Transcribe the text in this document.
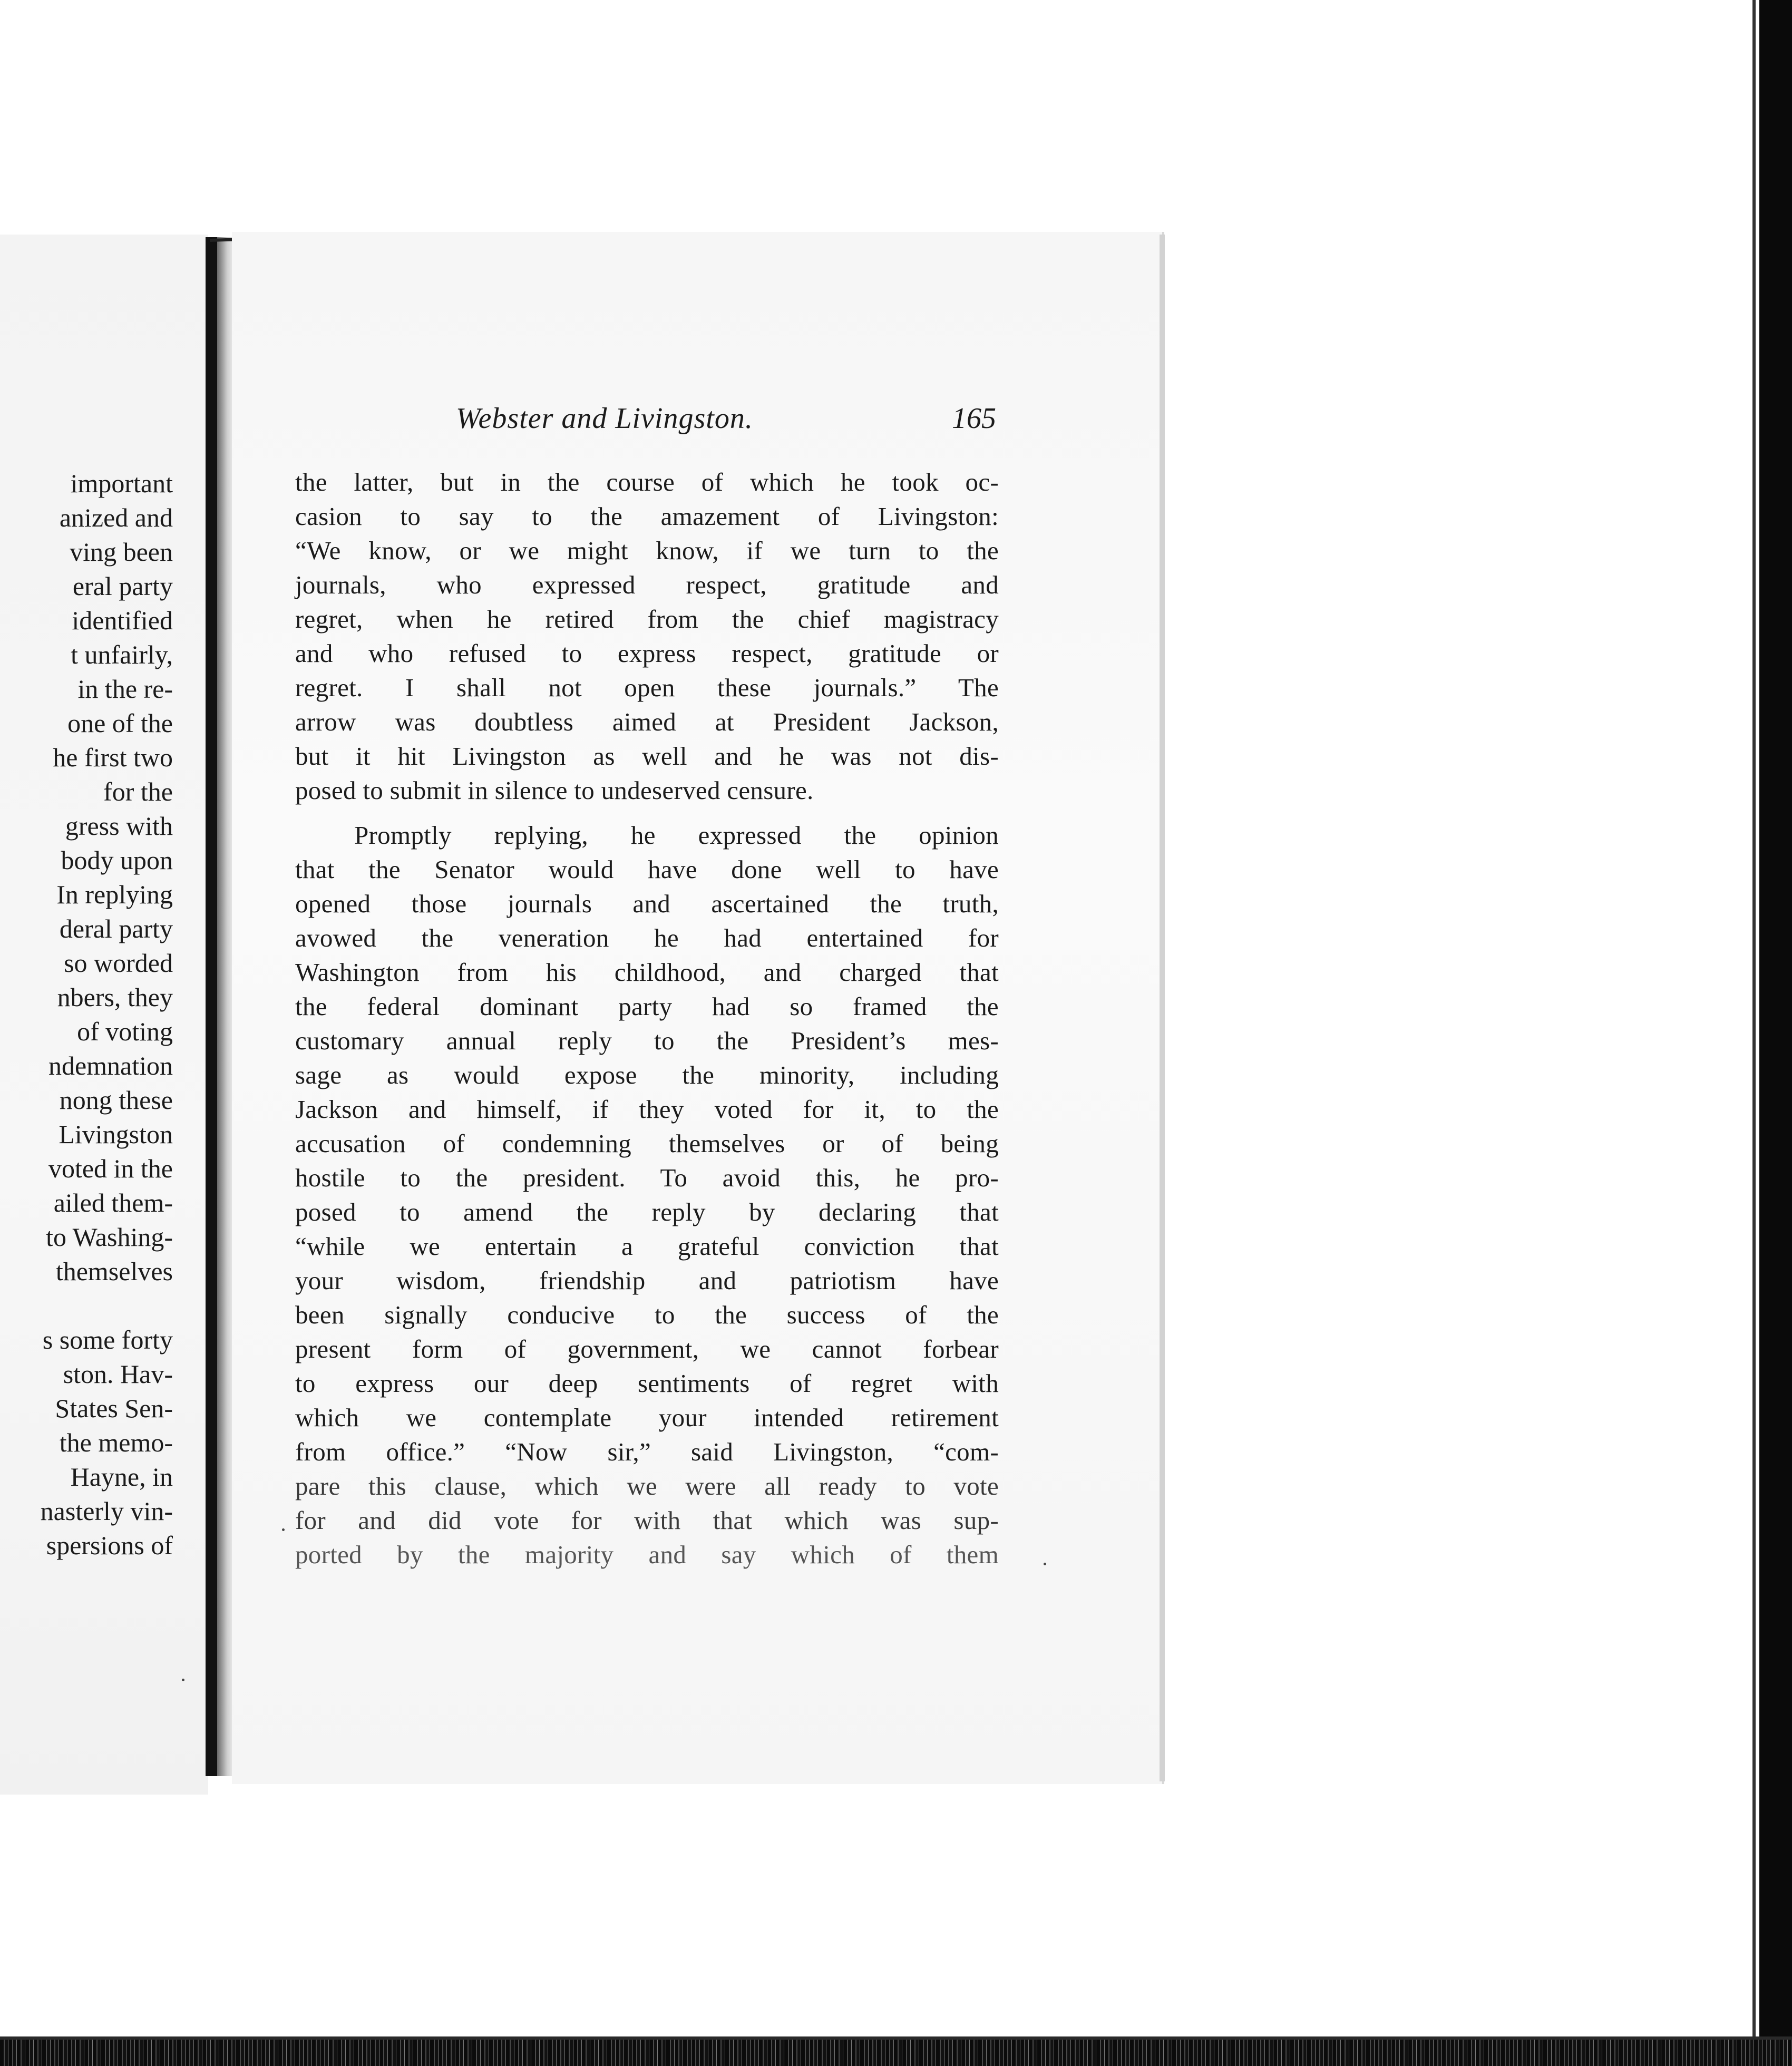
important
anized and
ving been
eral party
identified
t unfairly,
in the re-
one of the
he first two
for the
gress with
body upon
In replying
deral party
so worded
nbers, they
of voting
ndemnation
nong these
Livingston
voted in the
ailed them-
to Washing-
themselves
s some forty
ston. Hav-
States Sen-
the memo-
Hayne, in
nasterly vin-
spersions of
Webster and Livingston.	165
the latter, but in the course of which he took oc-
casion to say to the amazement of Livingston:
“We know, or we might know, if we turn to the
journals, who expressed respect, gratitude and
regret, when he retired from the chief magistracy
and who refused to express respect, gratitude or
regret. I shall not open these journals.” The
arrow was doubtless aimed at President Jackson,
but it hit Livingston as well and he was not dis-
posed to submit in silence to undeserved censure.
Promptly replying, he expressed the opinion
that the Senator would have done well to have
opened those journals and ascertained the truth,
avowed the veneration he had entertained for
Washington from his childhood, and charged that
the federal dominant party had so framed the
customary annual reply to the President’s mes-
sage as would expose the minority, including
Jackson and himself, if they voted for it, to the
accusation of condemning themselves or of being
hostile to the president. To avoid this, he pro-
posed to amend the reply by declaring that
“while we entertain a grateful conviction that
your wisdom, friendship and patriotism have
been signally conducive to the success of the
present form of government, we cannot forbear
to express our deep sentiments of regret with
which we contemplate your intended retirement
from office.” “Now sir,” said Livingston, “com-
pare this clause, which we were all ready to vote
for and did vote for with that which was sup-
ported by the majority and say which of them
